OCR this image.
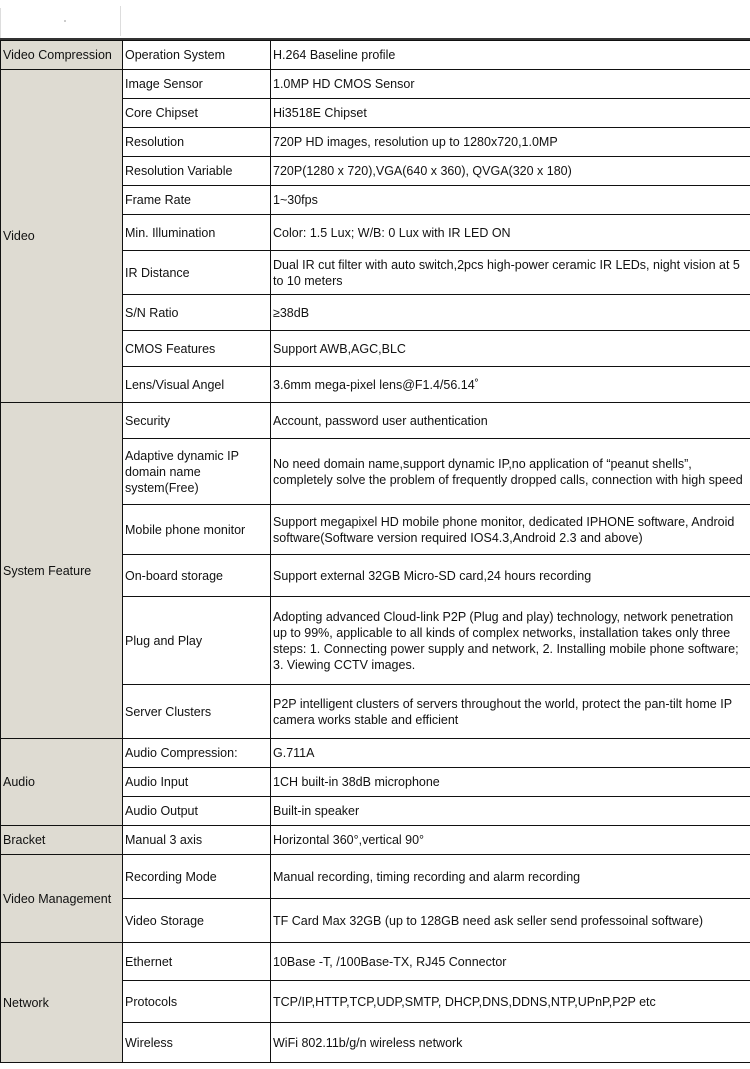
Video Compression	Operation System	H.264 Baseline profile
Video	Image Sensor	1.0MP HD CMOS Sensor
	Core Chipset	Hi3518E Chipset
	Resolution	720P HD images, resolution up to 1280x720,1.0MP
	Resolution Variable	720P(1280 x 720),VGA(640 x 360), QVGA(320 x 180)
	Frame Rate	1~30fps
	Min. Illumination	Color: 1.5 Lux; W/B: 0 Lux with IR LED ON
	IR Distance	Dual IR cut filter with auto switch,2pcs high-power ceramic IR LEDs, night vision at 5 to 10 meters
	S/N Ratio	≥38dB
	CMOS Features	Support AWB,AGC,BLC
	Lens/Visual Angel	3.6mm mega-pixel lens@F1.4/56.14˚
System Feature	Security	Account, password user authentication
	Adaptive dynamic IP domain name system(Free)	No need domain name,support dynamic IP,no application of “peanut shells”, completely solve the problem of frequently dropped calls, connection with high speed
	Mobile phone monitor	Support megapixel HD mobile phone monitor, dedicated IPHONE software, Android software(Software version required IOS4.3,Android 2.3 and above)
	On-board storage	Support external 32GB Micro-SD card,24 hours recording
	Plug and Play	Adopting advanced Cloud-link P2P (Plug and play) technology, network penetration up to 99%, applicable to all kinds of complex networks, installation takes only three steps: 1. Connecting power supply and network, 2. Installing mobile phone software; 3. Viewing CCTV images.
	Server Clusters	P2P intelligent clusters of servers throughout the world, protect the pan-tilt home IP camera works stable and efficient
Audio	Audio Compression:	G.711A
	Audio Input	1CH built-in 38dB microphone
	Audio Output	Built-in speaker
Bracket	Manual 3 axis	Horizontal 360°,vertical 90°
Video Management	Recording Mode	Manual recording, timing recording and alarm recording
	Video Storage	TF Card Max 32GB (up to 128GB need ask seller send professoinal software)
Network	Ethernet	10Base -T, /100Base-TX, RJ45 Connector
	Protocols	TCP/IP,HTTP,TCP,UDP,SMTP, DHCP,DNS,DDNS,NTP,UPnP,P2P etc
	Wireless	WiFi 802.11b/g/n wireless network
